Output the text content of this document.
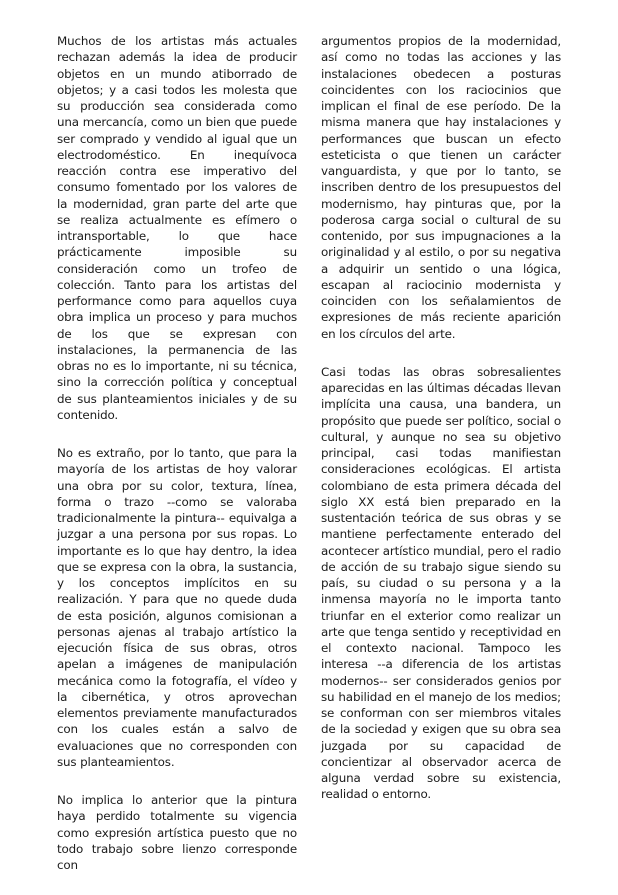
Muchos de los artistas más actuales rechazan además la idea de producir objetos en un mundo atiborrado de objetos; y a casi todos les molesta que su producción sea considerada como una mercancía, como un bien que puede ser comprado y vendido al igual que un electrodoméstico. En inequívoca reacción contra ese imperativo del consumo fomentado por los valores de la modernidad, gran parte del arte que se realiza actualmente es efímero o intransportable, lo que hace prácticamente imposible su consideración como un trofeo de colección. Tanto para los artistas del performance como para aquellos cuya obra implica un proceso y para muchos de los que se expresan con instalaciones, la permanencia de las obras no es lo importante, ni su técnica, sino la corrección política y conceptual de sus planteamientos iniciales y de su contenido.

No es extraño, por lo tanto, que para la mayoría de los artistas de hoy valorar una obra por su color, textura, línea, forma o trazo --como se valoraba tradicionalmente la pintura-- equivalga a juzgar a una persona por sus ropas. Lo importante es lo que hay dentro, la idea que se expresa con la obra, la sustancia, y los conceptos implícitos en su realización. Y para que no quede duda de esta posición, algunos comisionan a personas ajenas al trabajo artístico la ejecución física de sus obras, otros apelan a imágenes de manipulación mecánica como la fotografía, el vídeo y la cibernética, y otros aprovechan elementos previamente manufacturados con los cuales están a salvo de evaluaciones que no corresponden con sus planteamientos.

No implica lo anterior que la pintura haya perdido totalmente su vigencia como expresión artística puesto que no todo trabajo sobre lienzo corresponde con

argumentos propios de la modernidad, así como no todas las acciones y las instalaciones obedecen a posturas coincidentes con los raciocinios que implican el final de ese período. De la misma manera que hay instalaciones y performances que buscan un efecto esteticista o que tienen un carácter vanguardista, y que por lo tanto, se inscriben dentro de los presupuestos del modernismo, hay pinturas que, por la poderosa carga social o cultural de su contenido, por sus impugnaciones a la originalidad y al estilo, o por su negativa a adquirir un sentido o una lógica, escapan al raciocinio modernista y coinciden con los señalamientos de expresiones de más reciente aparición en los círculos del arte.

Casi todas las obras sobresalientes aparecidas en las últimas décadas llevan implícita una causa, una bandera, un propósito que puede ser político, social o cultural, y aunque no sea su objetivo principal, casi todas manifiestan consideraciones ecológicas. El artista colombiano de esta primera década del siglo XX está bien preparado en la sustentación teórica de sus obras y se mantiene perfectamente enterado del acontecer artístico mundial, pero el radio de acción de su trabajo sigue siendo su país, su ciudad o su persona y a la inmensa mayoría no le importa tanto triunfar en el exterior como realizar un arte que tenga sentido y receptividad en el contexto nacional. Tampoco les interesa --a diferencia de los artistas modernos-- ser considerados genios por su habilidad en el manejo de los medios; se conforman con ser miembros vitales de la sociedad y exigen que su obra sea juzgada por su capacidad de concientizar al observador acerca de alguna verdad sobre su existencia, realidad o entorno.
